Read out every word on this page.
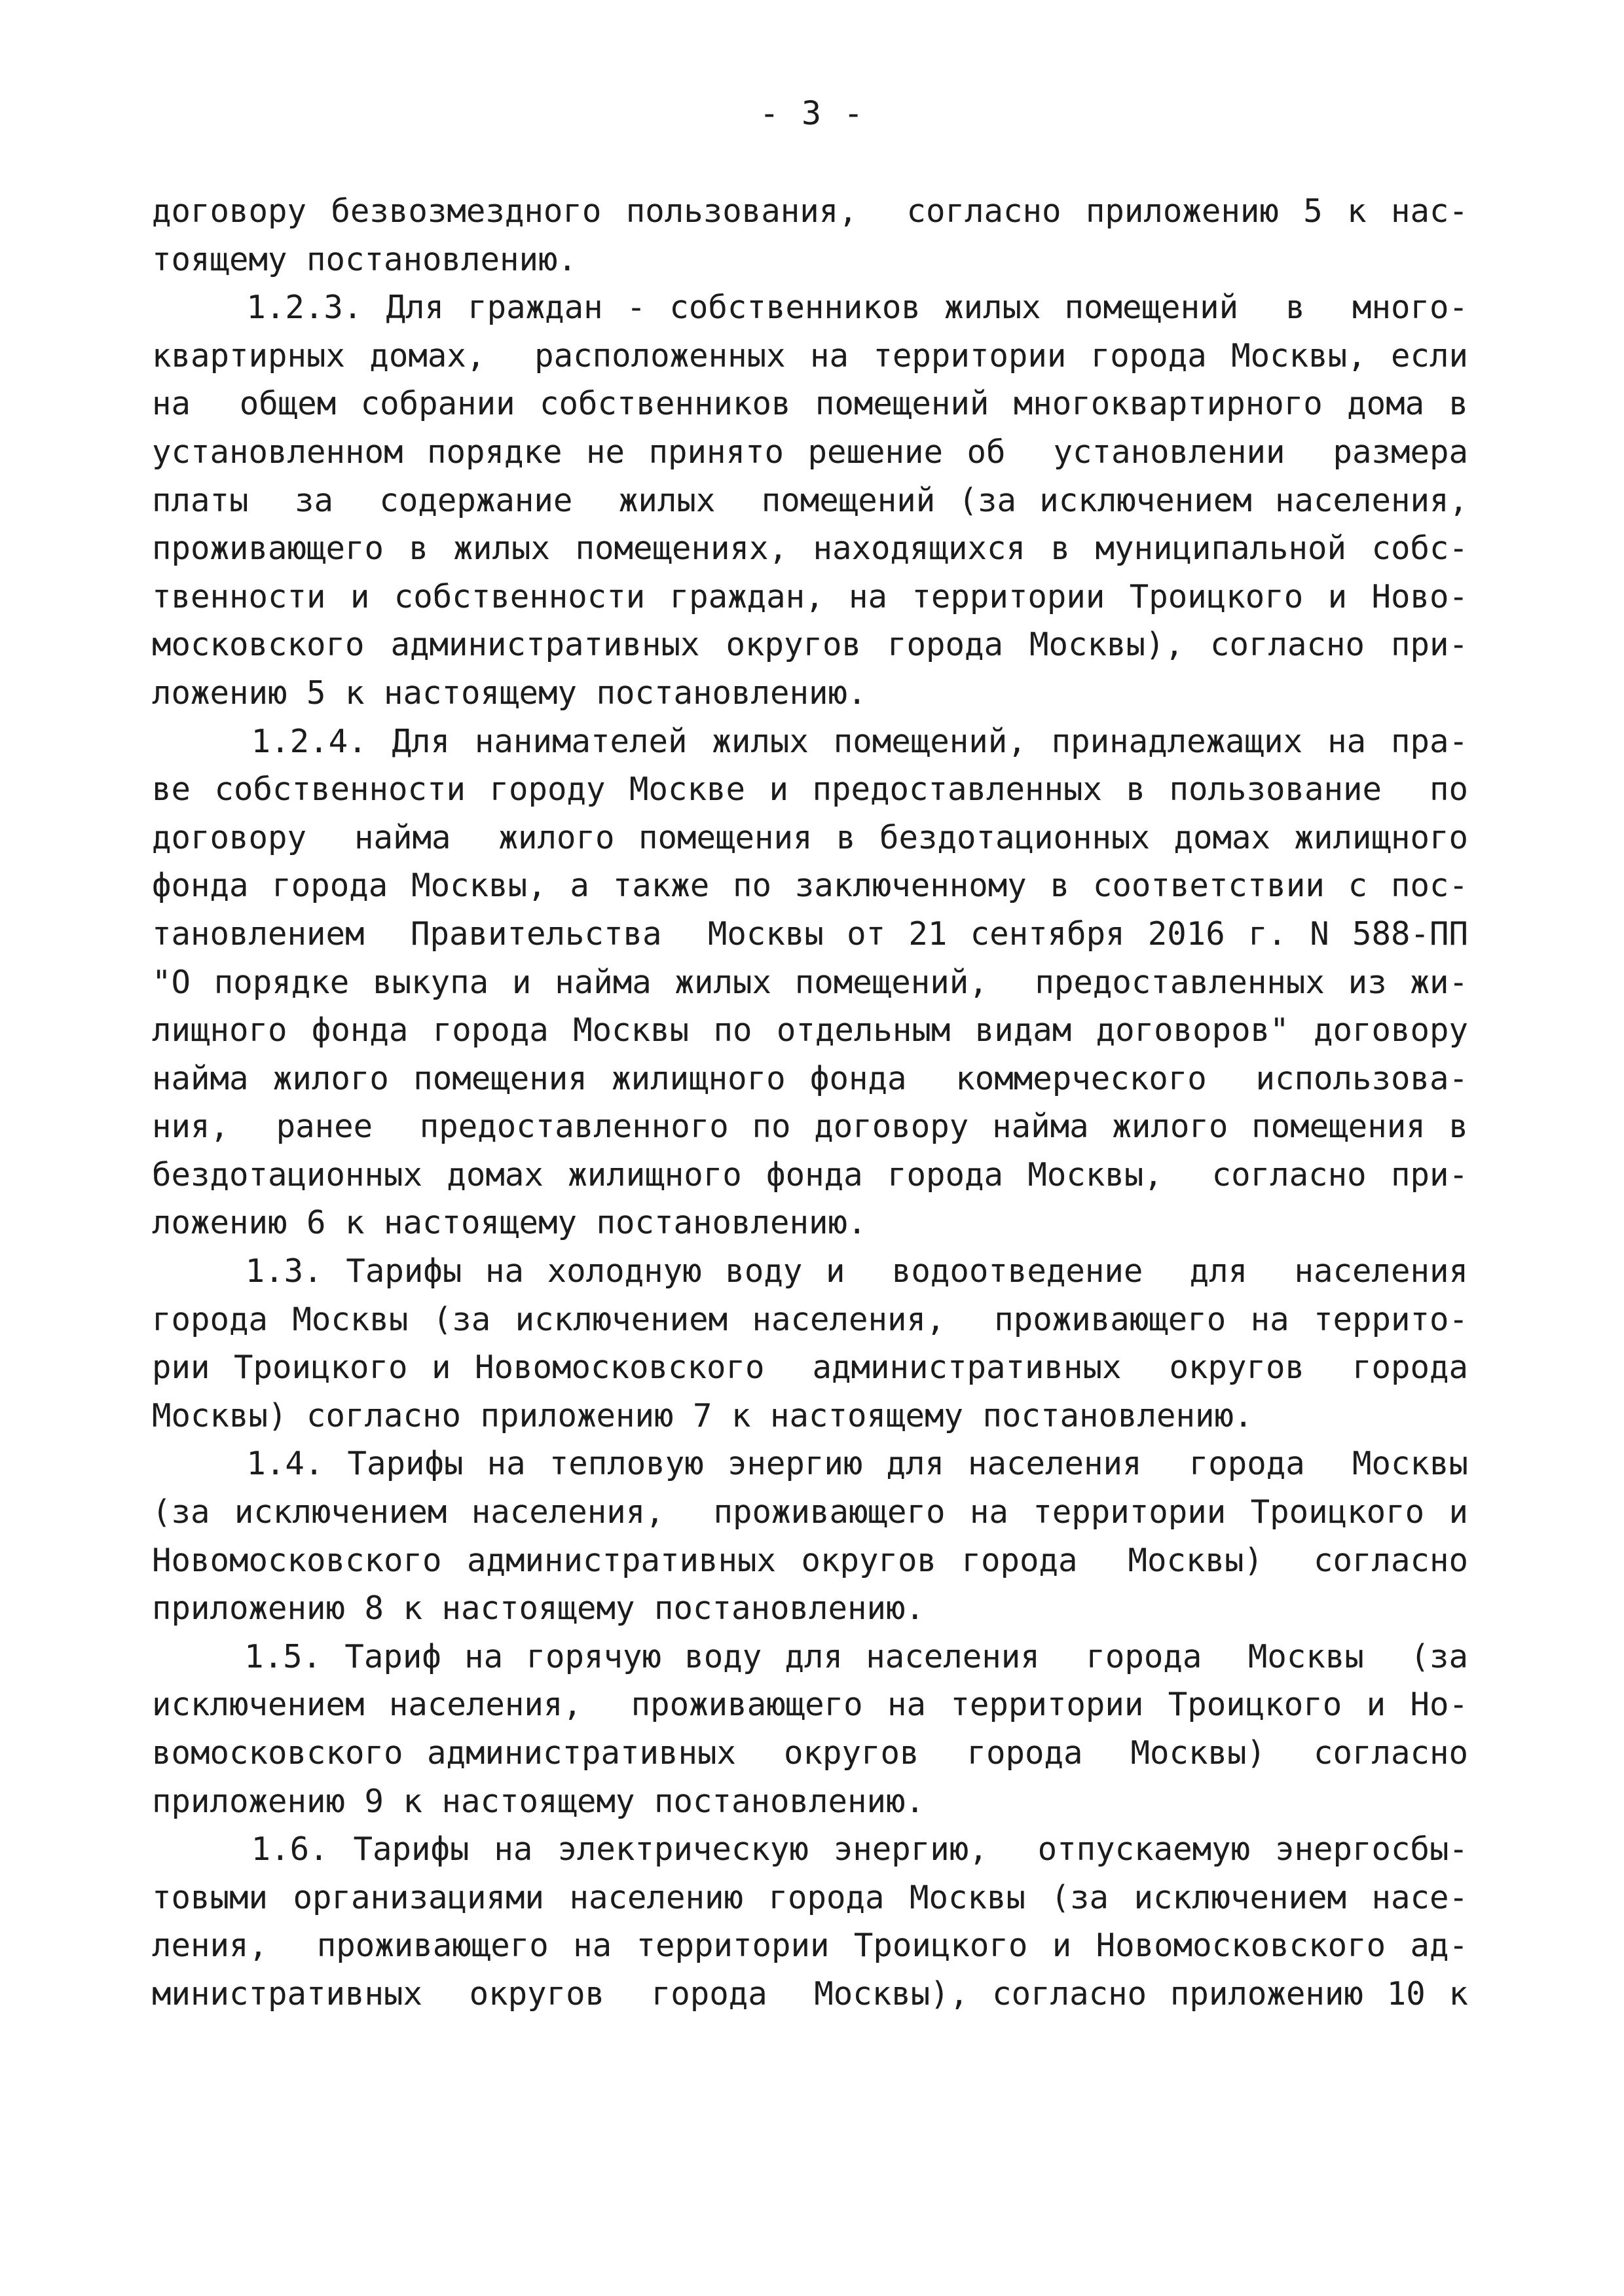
- 3 -
договору безвозмездного пользования,  согласно приложению 5 к нас-
тоящему постановлению.
1.2.3. Для граждан - собственников жилых помещений  в  много-
квартирных домах,  расположенных на территории города Москвы, если
на  общем собрании собственников помещений многоквартирного дома в
установленном порядке не принято решение об  установлении  размера
платы  за  содержание  жилых  помещений (за исключением населения,
проживающего в жилых помещениях, находящихся в муниципальной собс-
твенности и собственности граждан, на территории Троицкого и Ново-
московского административных округов города Москвы), согласно при-
ложению 5 к настоящему постановлению.
1.2.4. Для нанимателей жилых помещений, принадлежащих на пра-
ве собственности городу Москве и предоставленных в пользование  по
договору  найма  жилого помещения в бездотационных домах жилищного
фонда города Москвы, а также по заключенному в соответствии с пос-
тановлением  Правительства  Москвы от 21 сентября 2016 г. N 588-ПП
"О порядке выкупа и найма жилых помещений,  предоставленных из жи-
лищного фонда города Москвы по отдельным видам договоров" договору
найма жилого помещения жилищного фонда  коммерческого  использова-
ния,  ранее  предоставленного по договору найма жилого помещения в
бездотационных домах жилищного фонда города Москвы,  согласно при-
ложению 6 к настоящему постановлению.
1.3. Тарифы на холодную воду и  водоотведение  для  населения
города Москвы (за исключением населения,  проживающего на террито-
рии Троицкого и Новомосковского  административных  округов  города
Москвы) согласно приложению 7 к настоящему постановлению.
1.4. Тарифы на тепловую энергию для населения  города  Москвы
(за исключением населения,  проживающего на территории Троицкого и
Новомосковского административных округов города  Москвы)  согласно
приложению 8 к настоящему постановлению.
1.5. Тариф на горячую воду для населения  города  Москвы  (за
исключением населения,  проживающего на территории Троицкого и Но-
вомосковского административных  округов  города  Москвы)  согласно
приложению 9 к настоящему постановлению.
1.6. Тарифы на электрическую энергию,  отпускаемую энергосбы-
товыми организациями населению города Москвы (за исключением насе-
ления,  проживающего на территории Троицкого и Новомосковского ад-
министративных  округов  города  Москвы), согласно приложению 10 к
